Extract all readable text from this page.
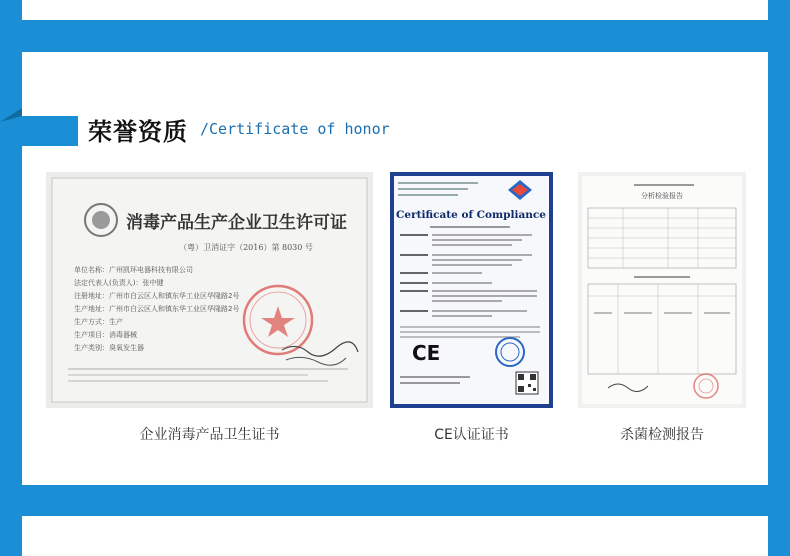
荣誉资质 /Certificate of honor
消毒产品生产企业卫生许可证
（粤）卫消证字（2016）第 8030 号
单位名称：广州凯环电器科技有限公司
法定代表人(负责人)：张中键
注册地址：广州市白云区人和镇东华工业区华隆路2号
生产地址：广州市白云区人和镇东华工业区华隆路2号
生产方式：生产
生产项目：消毒器械
生产类别：臭氧发生器
Certificate of Compliance
CE
分析检验报告
企业消毒产品卫生证书	CE认证证书	杀菌检测报告
